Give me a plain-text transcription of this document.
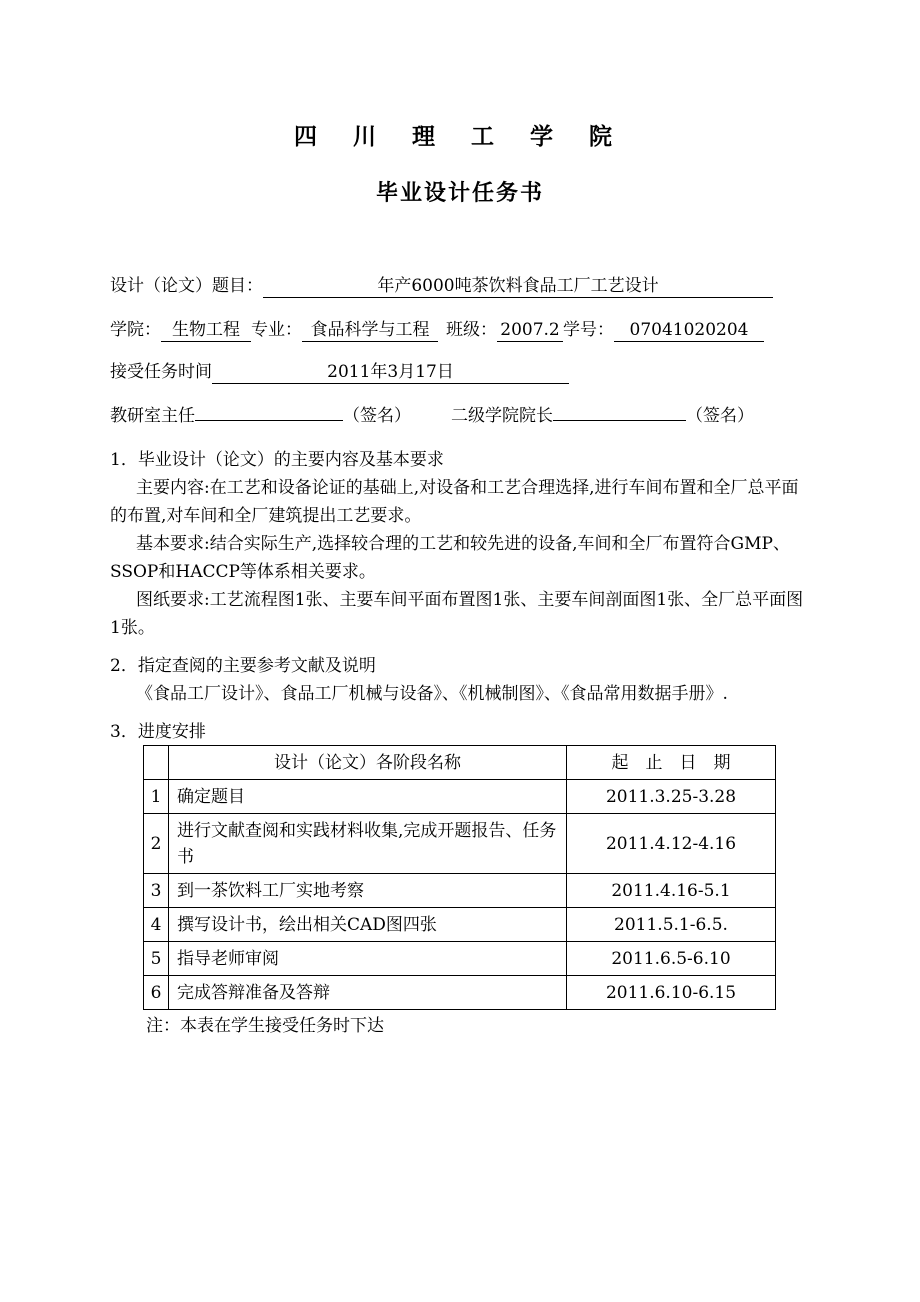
四 川 理 工 学 院
毕业设计任务书
设计（论文）题目：	年产6000吨茶饮料食品工厂工艺设计
学院： 生物工程 专业： 食品科学与工程 班级： 2007.2 学号： 07041020204
接受任务时间	2011年3月17日
教研室主任	（签名） 二级学院院长	（签名）
1．毕业设计（论文）的主要内容及基本要求
主要内容:在工艺和设备论证的基础上,对设备和工艺合理选择,进行车间布置和全厂总平面的布置,对车间和全厂建筑提出工艺要求。
基本要求:结合实际生产,选择较合理的工艺和较先进的设备,车间和全厂布置符合GMP、SSOP和HACCP等体系相关要求。
图纸要求:工艺流程图1张、主要车间平面布置图1张、主要车间剖面图1张、全厂总平面图1张。
2．指定查阅的主要参考文献及说明
《食品工厂设计》、食品工厂机械与设备》、《机械制图》、《食品常用数据手册》.
3．进度安排
	设计（论文）各阶段名称	起　止　日　期
1	确定题目	2011.3.25-3.28
2	进行文献查阅和实践材料收集,完成开题报告、任务书	2011.4.12-4.16
3	到一茶饮料工厂实地考察	2011.4.16-5.1
4	撰写设计书，绘出相关CAD图四张	2011.5.1-6.5.
5	指导老师审阅	2011.6.5-6.10
6	完成答辩准备及答辩	2011.6.10-6.15
注：本表在学生接受任务时下达
